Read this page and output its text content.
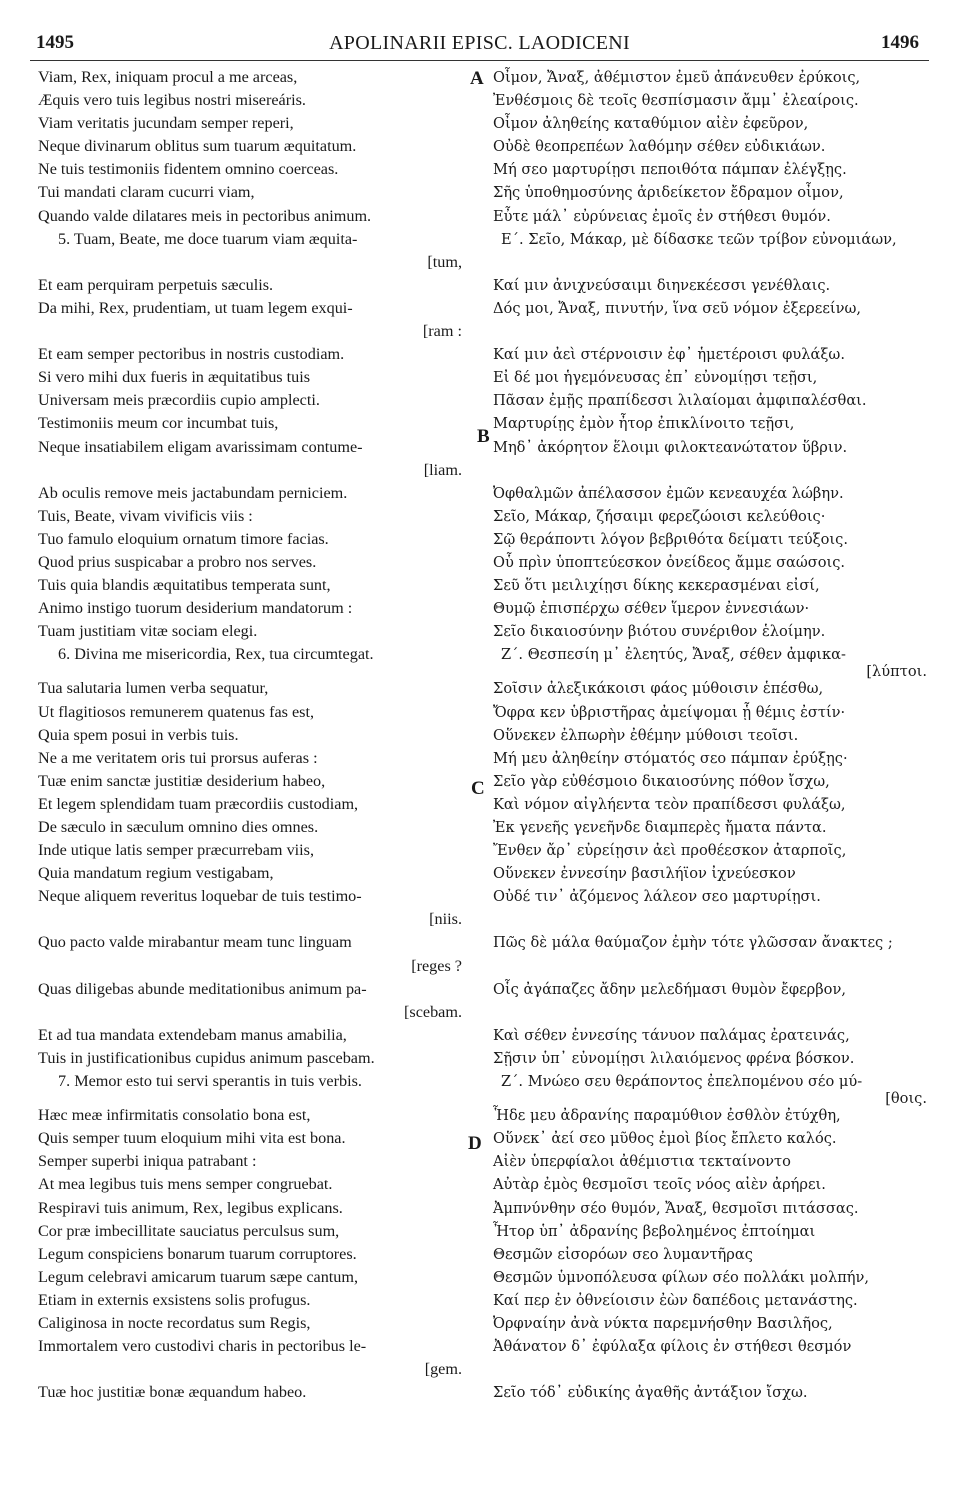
1495	APOLINARII EPISC. LAODICENI	1496
A
B
C
D
Viam, Rex, iniquam procul a me arceas,
Æquis vero tuis legibus nostri misereáris.
Viam veritatis jucundam semper reperi,
Neque divinarum oblitus sum tuarum æquitatum.
Ne tuis testimoniis fidentem omnino coerceas.
Tui mandati claram cucurri viam,
Quando valde dilatares meis in pectoribus animum.
5. Tuam, Beate, me doce tuarum viam æquita-
[tum,
Et eam perquiram perpetuis sæculis.
Da mihi, Rex, prudentiam, ut tuam legem exqui-
[ram :
Et eam semper pectoribus in nostris custodiam.
Si vero mihi dux fueris in æquitatibus tuis
Universam meis præcordiis cupio amplecti.
Testimoniis meum cor incumbat tuis,
Neque insatiabilem eligam avarissimam contume-
[liam.
Ab oculis remove meis jactabundam perniciem.
Tuis, Beate, vivam vivificis viis :
Tuo famulo eloquium ornatum timore facias.
Quod prius suspicabar a probro nos serves.
Tuis quia blandis æquitatibus temperata sunt,
Animo instigo tuorum desiderium mandatorum :
Tuam justitiam vitæ sociam elegi.
6. Divina me misericordia, Rex, tua circumtegat.
Tua salutaria lumen verba sequatur,
Ut flagitiosos remunerem quatenus fas est,
Quia spem posui in verbis tuis.
Ne a me veritatem oris tui prorsus auferas :
Tuæ enim sanctæ justitiæ desiderium habeo,
Et legem splendidam tuam præcordiis custodiam,
De sæculo in sæculum omnino dies omnes.
Inde utique latis semper præcurrebam viis,
Quia mandatum regium vestigabam,
Neque aliquem reveritus loquebar de tuis testimo-
[niis.
Quo pacto valde mirabantur meam tunc linguam
[reges ?
Quas diligebas abunde meditationibus animum pa-
[scebam.
Et ad tua mandata extendebam manus amabilia,
Tuis in justificationibus cupidus animum pascebam.
7. Memor esto tui servi sperantis in tuis verbis.
Hæc meæ infirmitatis consolatio bona est,
Quis semper tuum eloquium mihi vita est bona.
Semper superbi iniqua patrabant :
At mea legibus tuis mens semper congruebat.
Respiravi tuis animum, Rex, legibus explicans.
Cor præ imbecillitate sauciatus perculsus sum,
Legum conspiciens bonarum tuarum corruptores.
Legum celebravi amicarum tuarum sæpe cantum,
Etiam in externis exsistens solis profugus.
Caliginosa in nocte recordatus sum Regis,
Immortalem vero custodivi charis in pectoribus le-
[gem.
Tuæ hoc justitiæ bonæ æquandum habeo.
Οἶμον, Ἄναξ, ἀθέμιστον ἐμεῦ ἀπάνευθεν ἐρύκοις,
Ἐνθέσμοις δὲ τεοῖς θεσπίσμασιν ἄμμ᾽ ἐλεαίροις.
Οἶμον ἀληθείης καταθύμιον αἰὲν ἐφεῦρον,
Οὐδὲ θεοπρεπέων λαθόμην σέθεν εὐδικιάων.
Μή σεο μαρτυρίῃσι πεποιθότα πάμπαν ἐλέγξῃς.
Σῆς ὑποθημοσύνης ἀριδείκετον ἔδραμον οἶμον,
Εὖτε μάλ᾽ εὐρύνειας ἐμοῖς ἐν στήθεσι θυμόν.
Ε΄. Σεῖο, Μάκαρ, μὲ δίδασκε τεῶν τρίβον εὐνομιάων,
Καί μιν ἀνιχνεύσαιμι διηνεκέεσσι γενέθλαις.
Δός μοι, Ἄναξ, πινυτήν, ἵνα σεῦ νόμον ἐξερεείνω,
Καί μιν ἀεὶ στέρνοισιν ἐφ᾽ ἡμετέροισι φυλάξω.
Εἰ δέ μοι ἡγεμόνευσας ἐπ᾽ εὐνομίῃσι τεῇσι,
Πᾶσαν ἐμῇς πραπίδεσσι λιλαίομαι ἀμφιπαλέσθαι.
Μαρτυρίῃς ἐμὸν ἦτορ ἐπικλίνοιτο τεῇσι,
Μηδ᾽ ἀκόρητον ἕλοιμι φιλοκτεανώτατον ὕβριν.
Ὀφθαλμῶν ἀπέλασσον ἐμῶν κενεαυχέα λώβην.
Σεῖο, Μάκαρ, ζήσαιμι φερεζώοισι κελεύθοις·
Σῷ θεράποντι λόγον βεβριθότα δείματι τεύξοις.
Οὗ πρὶν ὑποπτεύεσκον ὀνείδεος ἄμμε σαώσοις.
Σεῦ ὅτι μειλιχίῃσι δίκης κεκερασμέναι εἰσί,
Θυμῷ ἐπισπέρχω σέθεν ἵμερον ἐννεσιάων·
Σεῖο δικαιοσύνην βιότου συνέριθον ἑλοίμην.
Ζ΄. Θεσπεσίη μ᾽ ἐλεητύς, Ἄναξ, σέθεν ἀμφικα-
[λύπτοι.
Σοῖσιν ἀλεξικάκοισι φάος μύθοισιν ἑπέσθω,
Ὄφρα κεν ὑβριστῆρας ἀμείψομαι ᾗ θέμις ἐστίν·
Οὕνεκεν ἐλπωρὴν ἐθέμην μύθοισι τεοῖσι.
Μή μευ ἀληθείην στόματός σεο πάμπαν ἐρύξῃς·
Σεῖο γὰρ εὐθέσμοιο δικαιοσύνης πόθον ἴσχω,
Καὶ νόμον αἰγλήεντα τεὸν πραπίδεσσι φυλάξω,
Ἐκ γενεῆς γενεῆνδε διαμπερὲς ἤματα πάντα.
Ἔνθεν ἄρ᾽ εὐρείῃσιν ἀεὶ προθέεσκον ἀταρποῖς,
Οὕνεκεν ἐννεσίην βασιλήϊον ἰχνεύεσκον
Οὐδέ τιν᾽ ἀζόμενος λάλεον σεο μαρτυρίῃσι.
Πῶς δὲ μάλα θαύμαζον ἐμὴν τότε γλῶσσαν ἄνακτες ;
Οἷς ἀγάπαζες ἄδην μελεδήμασι θυμὸν ἔφερβον,
Καὶ σέθεν ἐννεσίης τάνυον παλάμας ἐρατεινάς,
Σῇσιν ὑπ᾽ εὐνομίῃσι λιλαιόμενος φρένα βόσκον.
Ζ΄. Μνώεο σευ θεράποντος ἐπελπομένου σέο μύ-
[θοις.
Ἧδε μευ ἀδρανίης παραμύθιον ἐσθλὸν ἐτύχθη,
Οὕνεκ᾽ ἀεί σεο μῦθος ἐμοὶ βίος ἔπλετο καλός.
Αἰὲν ὑπερφίαλοι ἀθέμιστια τεκταίνοντο
Αὐτὰρ ἐμὸς θεσμοῖσι τεοῖς νόος αἰὲν ἀρήρει.
Ἀμπνύνθην σέο θυμόν, Ἄναξ, θεσμοῖσι πιτάσσας.
Ἦτορ ὑπ᾽ ἀδρανίης βεβολημένος ἐπτοίημαι
Θεσμῶν εἰσορόων σεο λυμαντῆρας
Θεσμῶν ὑμνοπόλευσα φίλων σέο πολλάκι μολπήν,
Καί περ ἐν ὀθνείοισιν ἐὼν δαπέδοις μετανάστης.
Ὀρφναίην ἀνὰ νύκτα παρεμνήσθην Βασιλῆος,
Ἀθάνατον δ᾽ ἐφύλαξα φίλοις ἐν στήθεσι θεσμόν
Σεῖο τόδ᾽ εὐδικίης ἀγαθῆς ἀντάξιον ἴσχω.
